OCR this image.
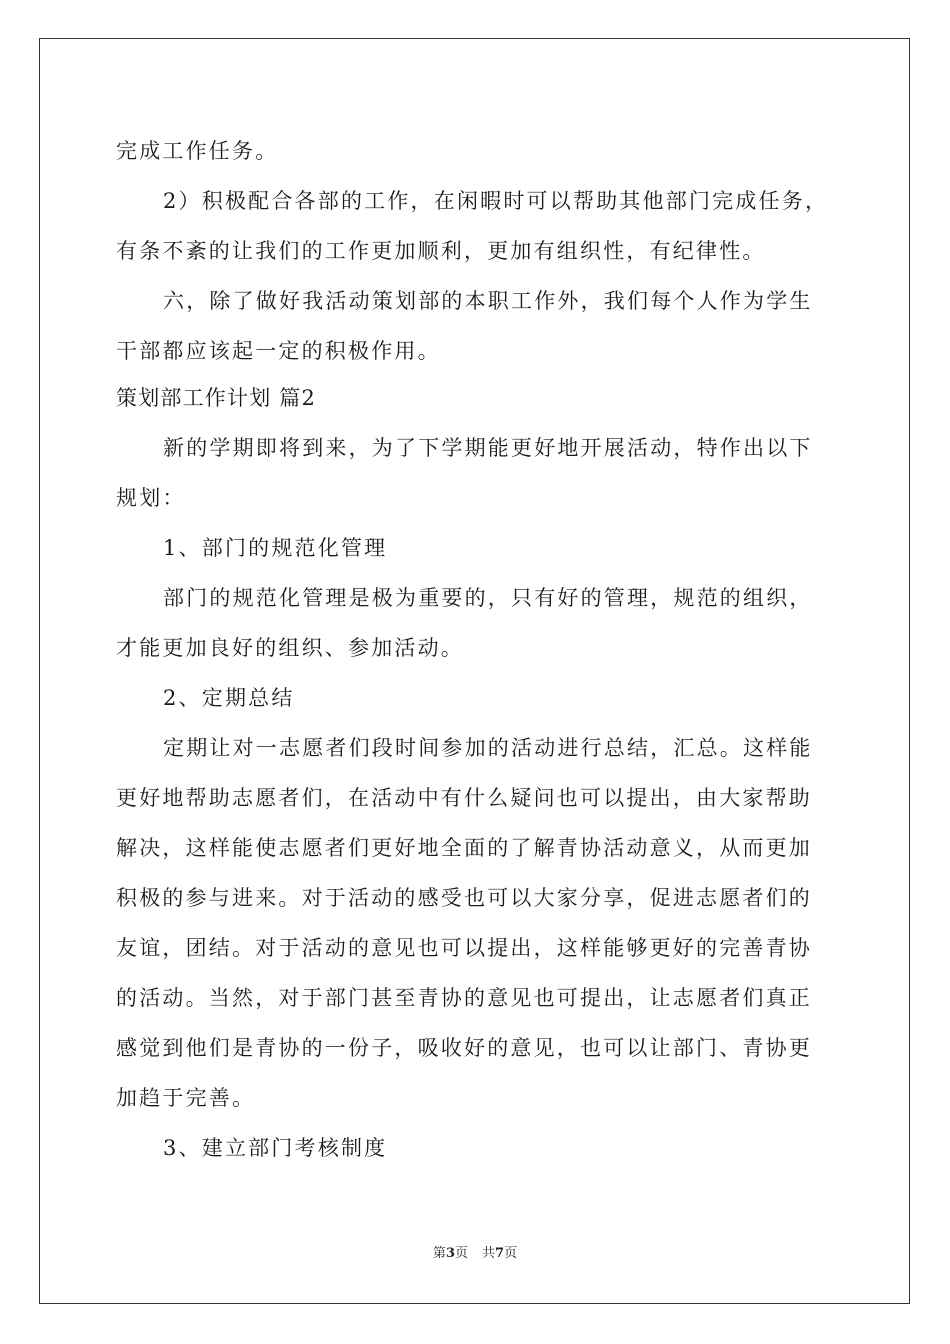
完成工作任务。
2）积极配合各部的工作，在闲暇时可以帮助其他部门完成任务，
有条不紊的让我们的工作更加顺利，更加有组织性，有纪律性。
六，除了做好我活动策划部的本职工作外，我们每个人作为学生
干部都应该起一定的积极作用。
策划部工作计划 篇2
新的学期即将到来，为了下学期能更好地开展活动，特作出以下
规划：
1、部门的规范化管理
部门的规范化管理是极为重要的，只有好的管理，规范的组织，
才能更加良好的组织、参加活动。
2、定期总结
定期让对一志愿者们段时间参加的活动进行总结，汇总。这样能
更好地帮助志愿者们，在活动中有什么疑问也可以提出，由大家帮助
解决，这样能使志愿者们更好地全面的了解青协活动意义，从而更加
积极的参与进来。对于活动的感受也可以大家分享，促进志愿者们的
友谊，团结。对于活动的意见也可以提出，这样能够更好的完善青协
的活动。当然，对于部门甚至青协的意见也可提出，让志愿者们真正
感觉到他们是青协的一份子，吸收好的意见，也可以让部门、青协更
加趋于完善。
3、建立部门考核制度
第3页 共7页
